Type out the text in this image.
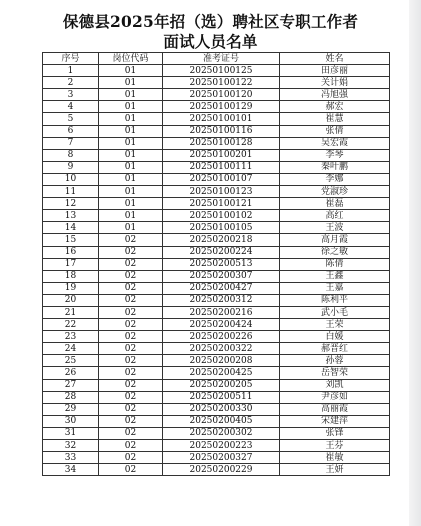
保德县2025年招（选）聘社区专职工作者
面试人员名单
序号	岗位代码	准考证号	姓名
1	01	20250100125	田彦丽
2	01	20250100122	关计娟
3	01	20250100120	冯旭强
4	01	20250100129	郝宏
5	01	20250100101	崔慧
6	01	20250100116	张倩
7	01	20250100128	吴宏霞
8	01	20250100201	李琴
9	01	20250100111	秦叶鹏
10	01	20250100107	李娜
11	01	20250100123	党淑珍
12	01	20250100121	崔磊
13	01	20250100102	高红
14	01	20250100105	王波
15	02	20250200218	高月霞
16	02	20250200224	徐之敏
17	02	20250200513	陈倩
18	02	20250200307	王鑫
19	02	20250200427	王嘉
20	02	20250200312	陈利平
21	02	20250200216	武小毛
22	02	20250200424	王荣
23	02	20250200226	白媛
24	02	20250200322	郝晋红
25	02	20250200208	孙蓉
26	02	20250200425	岳智荣
27	02	20250200205	刘凯
28	02	20250200511	尹彦如
29	02	20250200330	高丽霞
30	02	20250200405	宋建萍
31	02	20250200302	张锋
32	02	20250200223	王芬
33	02	20250200327	崔敏
34	02	20250200229	王妍
